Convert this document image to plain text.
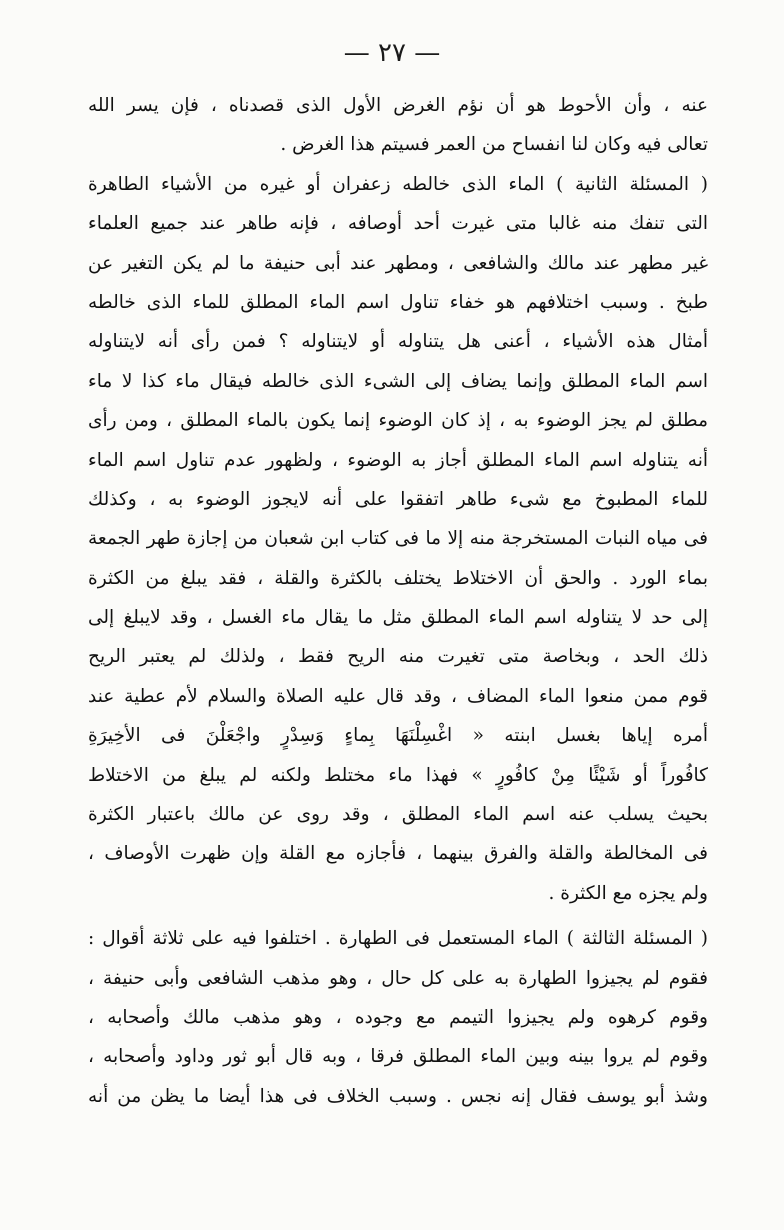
— ٢٧ —
عنه ، وأن الأحوط هو أن نؤم الغرض الأول الذى قصدناه ، فإن يسر الله
تعالى فيه وكان لنا انفساح من العمر فسيتم هذا الغرض .
( المسئلة الثانية ) الماء الذى خالطه زعفران أو غيره من الأشياء الطاهرة
التى تنفك منه غالبا متى غيرت أحد أوصافه ، فإنه طاهر عند جميع العلماء
غير مطهر عند مالك والشافعى ، ومطهر عند أبى حنيفة ما لم يكن التغير عن
طبخ . وسبب اختلافهم هو خفاء تناول اسم الماء المطلق للماء الذى خالطه
أمثال هذه الأشياء ، أعنى هل يتناوله أو لايتناوله ؟ فمن رأى أنه لايتناوله
اسم الماء المطلق وإنما يضاف إلى الشىء الذى خالطه فيقال ماء كذا لا ماء
مطلق لم يجز الوضوء به ، إذ كان الوضوء إنما يكون بالماء المطلق ، ومن رأى
أنه يتناوله اسم الماء المطلق أجاز به الوضوء ، ولظهور عدم تناول اسم الماء
للماء المطبوخ مع شىء طاهر اتفقوا على أنه لايجوز الوضوء به ، وكذلك
فى مياه النبات المستخرجة منه إلا ما فى كتاب ابن شعبان من إجازة طهر الجمعة
بماء الورد . والحق أن الاختلاط يختلف بالكثرة والقلة ، فقد يبلغ من الكثرة
إلى حد لا يتناوله اسم الماء المطلق مثل ما يقال ماء الغسل ، وقد لايبلغ إلى
ذلك الحد ، وبخاصة متى تغيرت منه الريح فقط ، ولذلك لم يعتبر الريح
قوم ممن منعوا الماء المضاف ، وقد قال عليه الصلاة والسلام لأم عطية عند
أمره إياها بغسل ابنته « اغْسِلْنَهَا بِماءٍ وَسِدْرٍ واجْعَلْنَ فى الأخِيرَةِ
كافُوراً أو شَيْئًا مِنْ كافُورٍ » فهذا ماء مختلط ولكنه لم يبلغ من الاختلاط
بحيث يسلب عنه اسم الماء المطلق ، وقد روى عن مالك باعتبار الكثرة
فى المخالطة والقلة والفرق بينهما ، فأجازه مع القلة وإن ظهرت الأوصاف ،
ولم يجزه مع الكثرة .
( المسئلة الثالثة ) الماء المستعمل فى الطهارة . اختلفوا فيه على ثلاثة أقوال :
فقوم لم يجيزوا الطهارة به على كل حال ، وهو مذهب الشافعى وأبى حنيفة ،
وقوم كرهوه ولم يجيزوا التيمم مع وجوده ، وهو مذهب مالك وأصحابه ،
وقوم لم يروا بينه وبين الماء المطلق فرقا ، وبه قال أبو ثور وداود وأصحابه ،
وشذ أبو يوسف فقال إنه نجس . وسبب الخلاف فى هذا أيضا ما يظن من أنه
